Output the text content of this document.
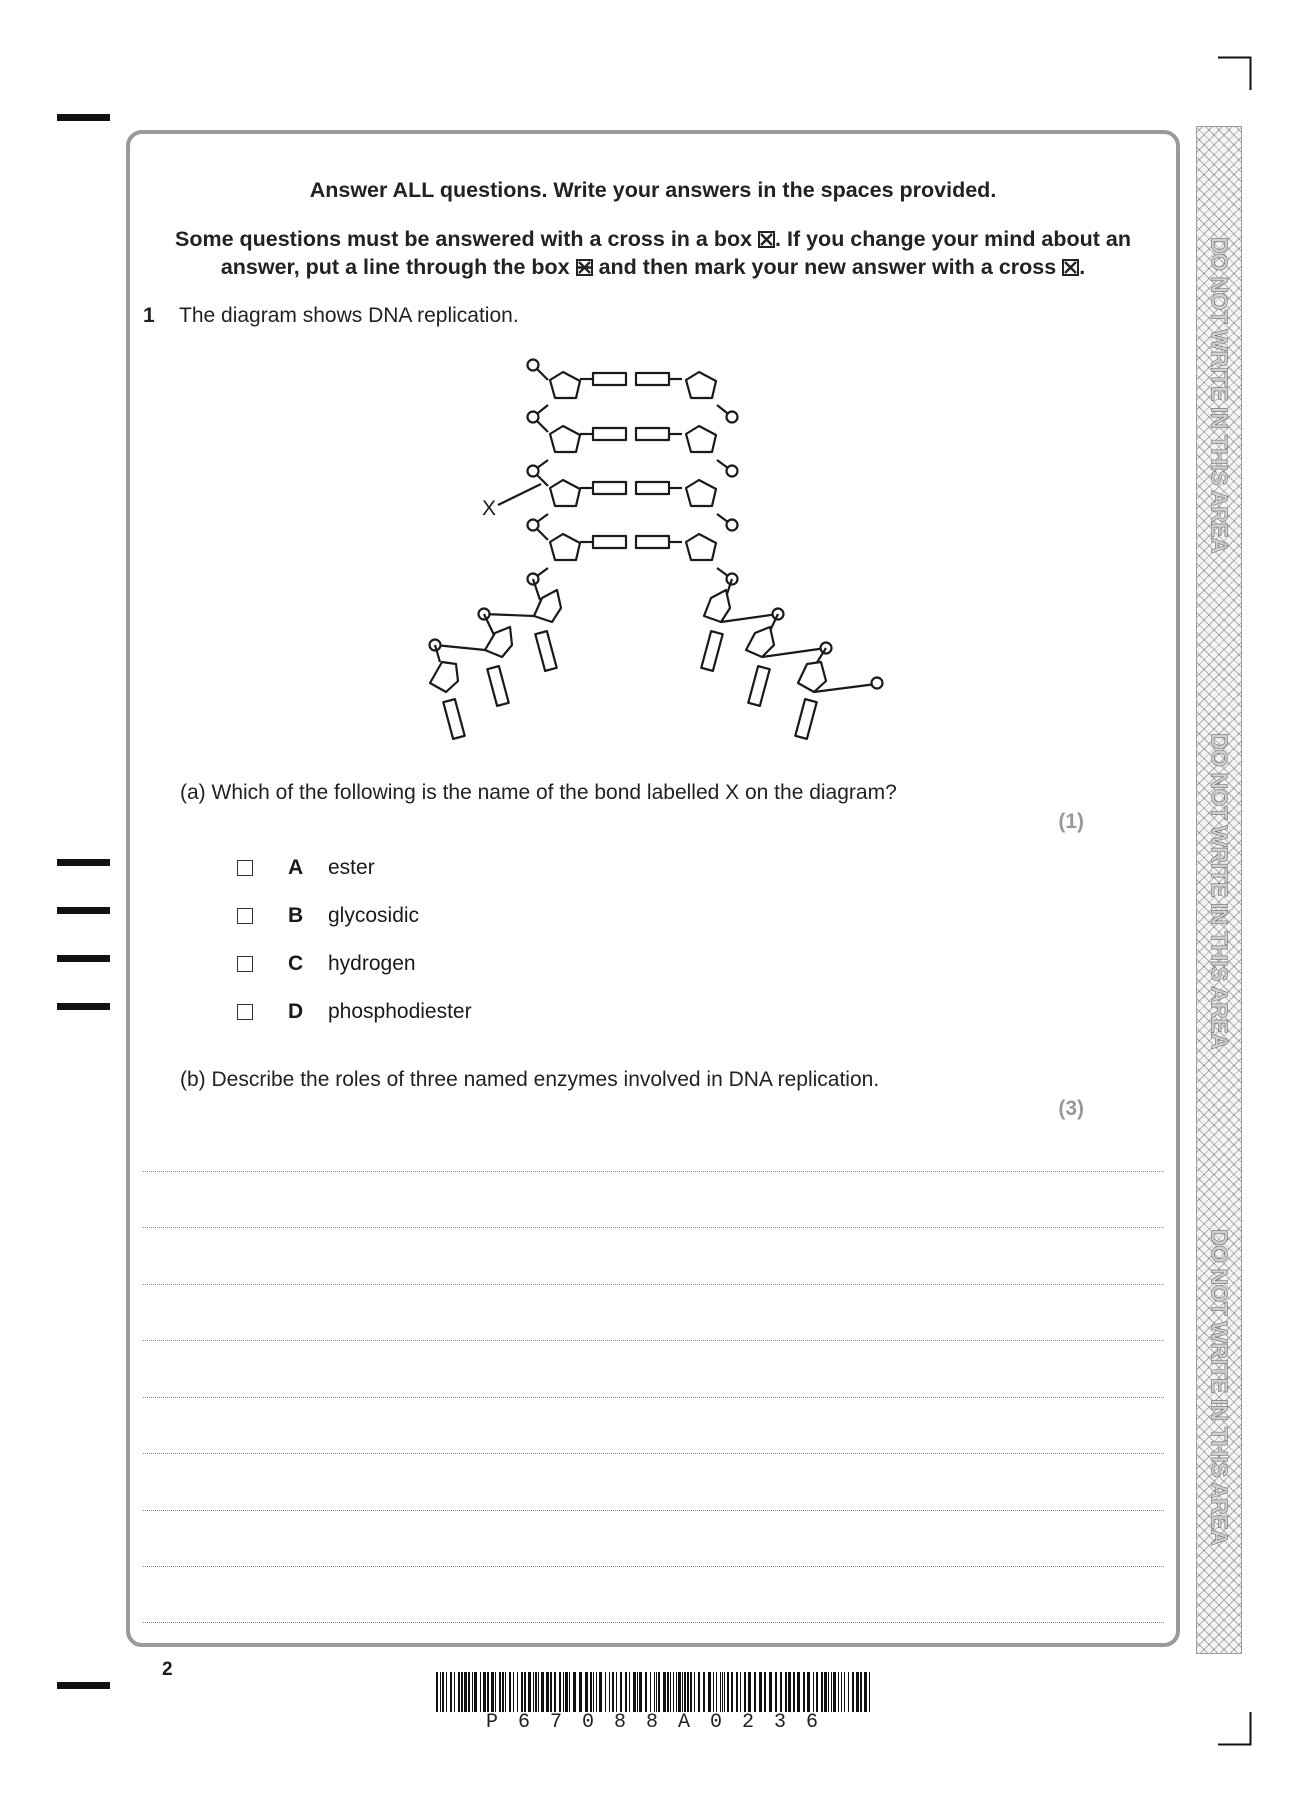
DO NOT WRITE IN THIS AREA
DO NOT WRITE IN THIS AREA
DO NOT WRITE IN THIS AREA
Answer ALL questions. Write your answers in the spaces provided.
Some questions must be answered with a cross in a box ☒. If you change your mind about an
answer, put a line through the box and then mark your new answer with a cross ☒.
1 The diagram shows DNA replication.
X
(a) Which of the following is the name of the bond labelled X on the diagram?
(1)
A ester
B glycosidic
C hydrogen
D phosphodiester
(b) Describe the roles of three named enzymes involved in DNA replication.
(3)
2
P 6 7 0 8 8 A 0 2 3 6
